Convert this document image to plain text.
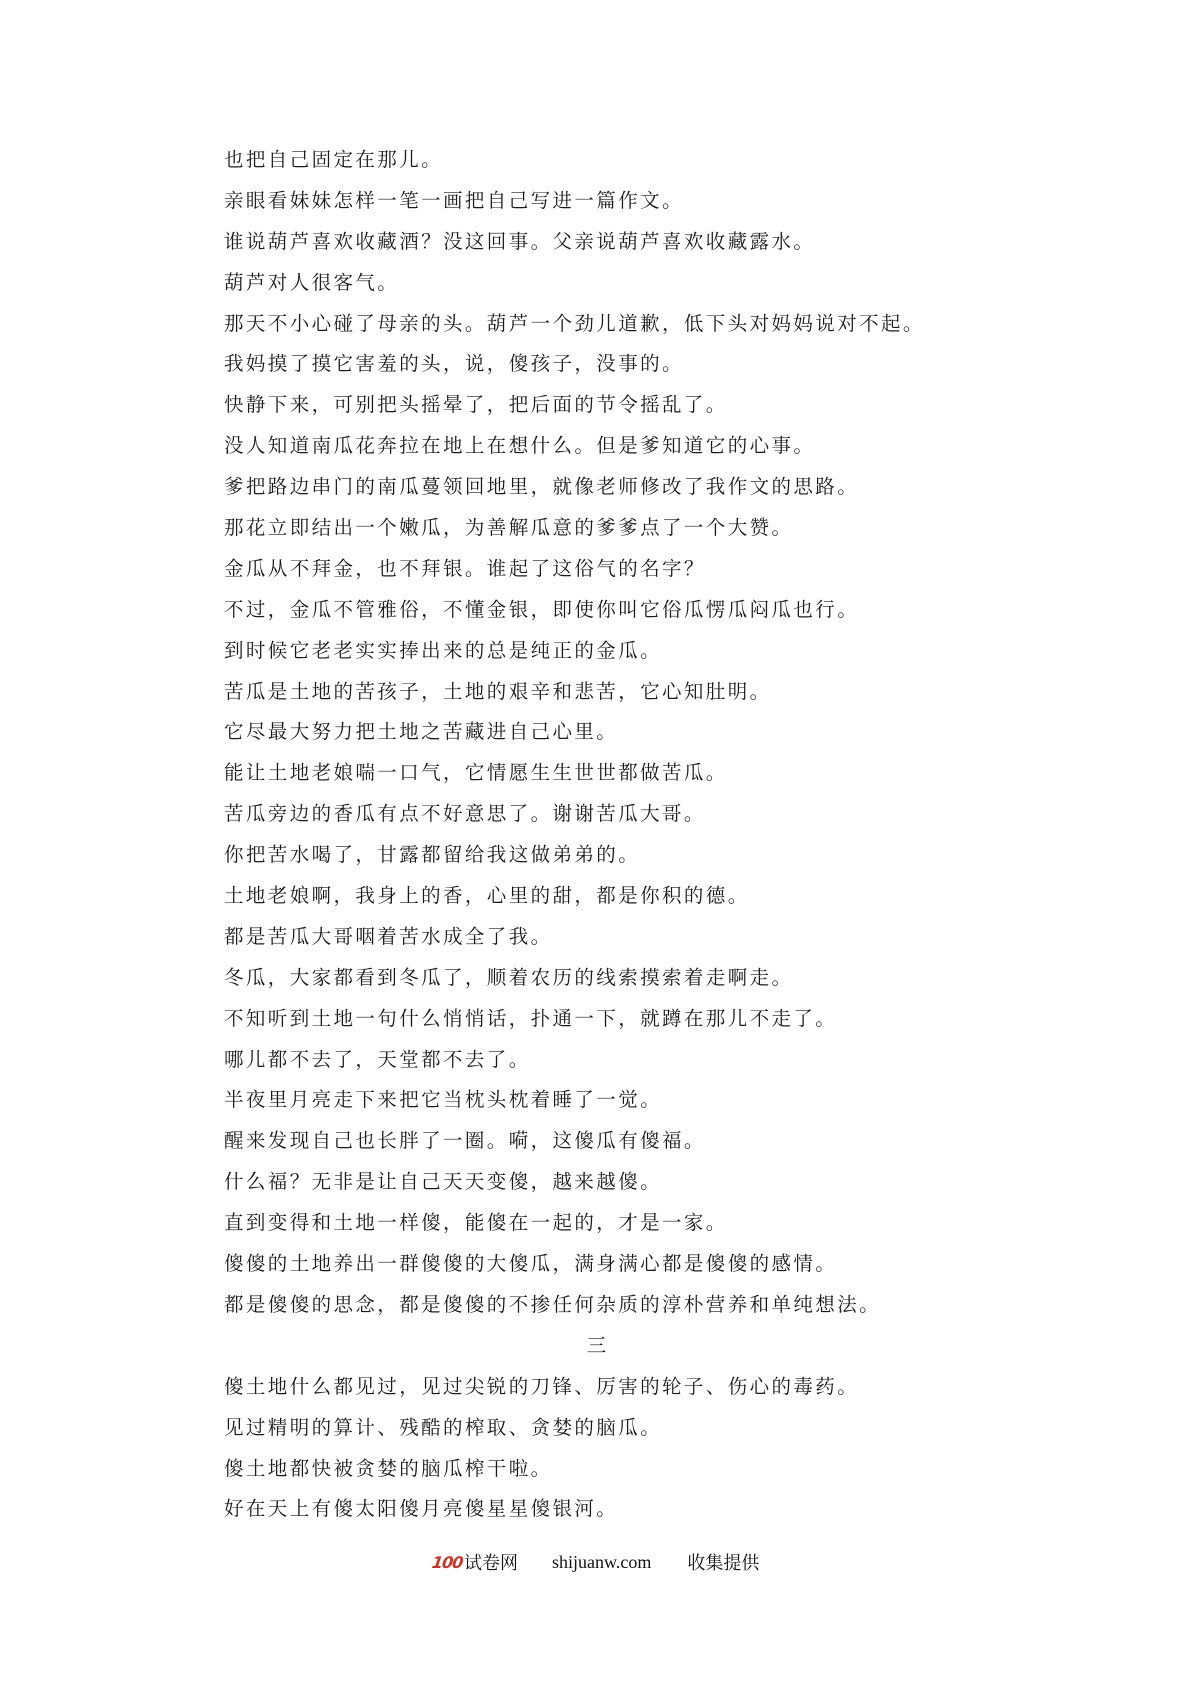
也把自己固定在那儿。
亲眼看妹妹怎样一笔一画把自己写进一篇作文。
谁说葫芦喜欢收藏酒？没这回事。父亲说葫芦喜欢收藏露水。
葫芦对人很客气。
那天不小心碰了母亲的头。葫芦一个劲儿道歉，低下头对妈妈说对不起。
我妈摸了摸它害羞的头，说，傻孩子，没事的。
快静下来，可别把头摇晕了，把后面的节令摇乱了。
没人知道南瓜花奔拉在地上在想什么。但是爹知道它的心事。
爹把路边串门的南瓜蔓领回地里，就像老师修改了我作文的思路。
那花立即结出一个嫩瓜，为善解瓜意的爹爹点了一个大赞。
金瓜从不拜金，也不拜银。谁起了这俗气的名字？
不过，金瓜不管雅俗，不懂金银，即使你叫它俗瓜愣瓜闷瓜也行。
到时候它老老实实捧出来的总是纯正的金瓜。
苦瓜是土地的苦孩子，土地的艰辛和悲苦，它心知肚明。
它尽最大努力把土地之苦藏进自己心里。
能让土地老娘喘一口气，它情愿生生世世都做苦瓜。
苦瓜旁边的香瓜有点不好意思了。谢谢苦瓜大哥。
你把苦水喝了，甘露都留给我这做弟弟的。
土地老娘啊，我身上的香，心里的甜，都是你积的德。
都是苦瓜大哥咽着苦水成全了我。
冬瓜，大家都看到冬瓜了，顺着农历的线索摸索着走啊走。
不知听到土地一句什么悄悄话，扑通一下，就蹲在那儿不走了。
哪儿都不去了，天堂都不去了。
半夜里月亮走下来把它当枕头枕着睡了一觉。
醒来发现自己也长胖了一圈。嗬，这傻瓜有傻福。
什么福？无非是让自己天天变傻，越来越傻。
直到变得和土地一样傻，能傻在一起的，才是一家。
傻傻的土地养出一群傻傻的大傻瓜，满身满心都是傻傻的感情。
都是傻傻的思念，都是傻傻的不掺任何杂质的淳朴营养和单纯想法。
三
傻土地什么都见过，见过尖锐的刀锋、厉害的轮子、伤心的毒药。
见过精明的算计、残酷的榨取、贪婪的脑瓜。
傻土地都快被贪婪的脑瓜榨干啦。
好在天上有傻太阳傻月亮傻星星傻银河。
100 试卷网 shijuanw.com 收集提供
